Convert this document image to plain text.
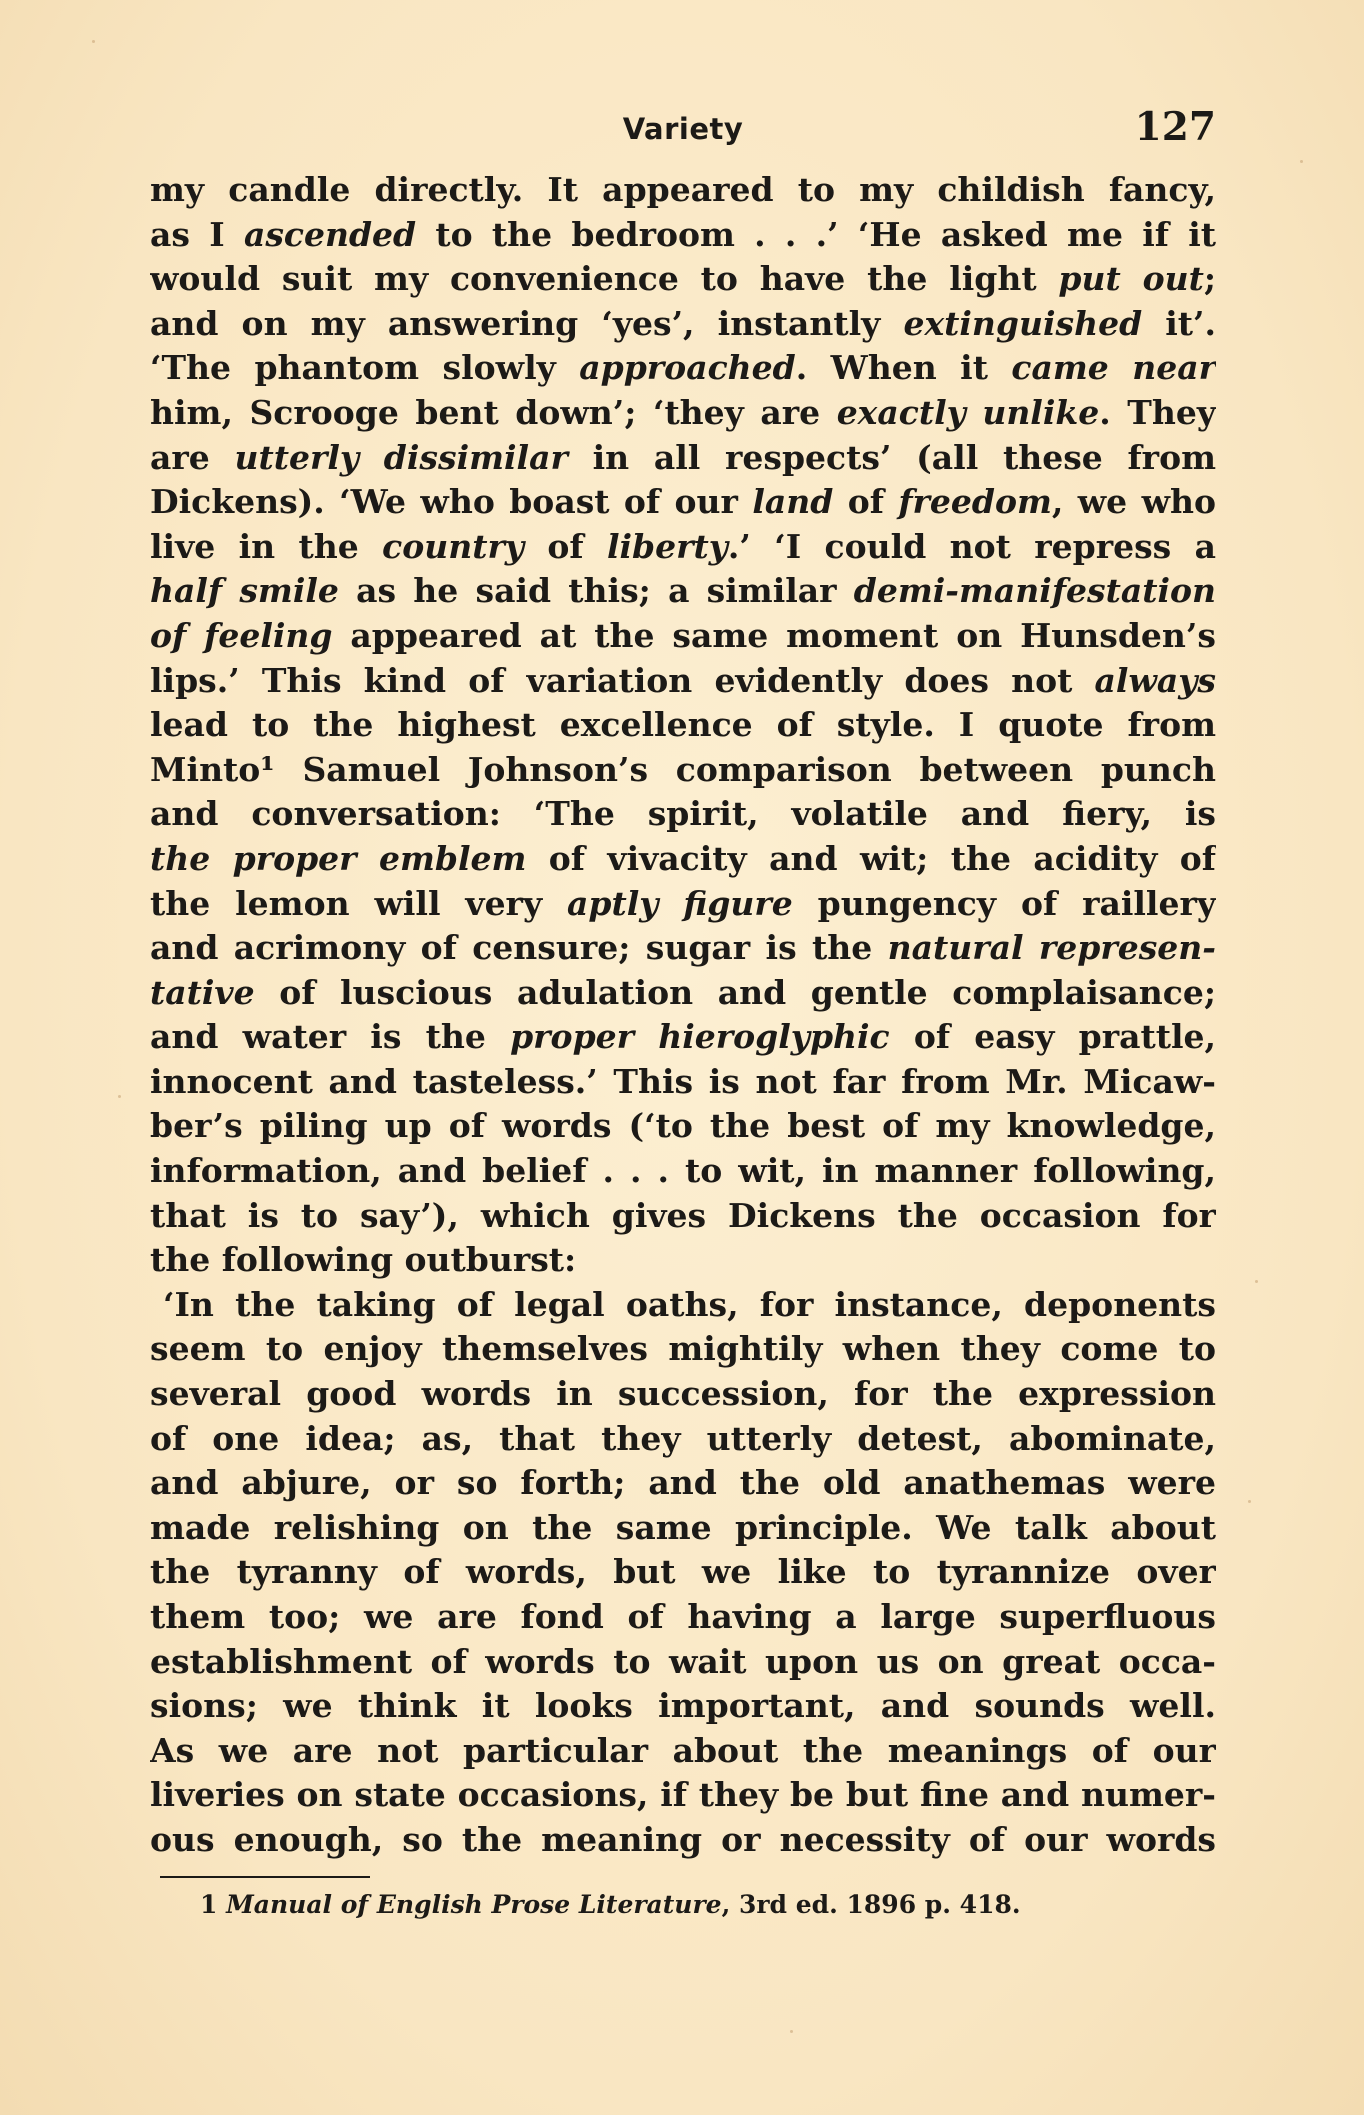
Variety	127
my candle directly. It appeared to my childish fancy,
as I ascended to the bedroom . . .’ ‘He asked me if it
would suit my convenience to have the light put out;
and on my answering ‘yes’, instantly extinguished it’.
‘The phantom slowly approached. When it came near
him, Scrooge bent down’; ‘they are exactly unlike. They
are utterly dissimilar in all respects’ (all these from
Dickens). ‘We who boast of our land of freedom, we who
live in the country of liberty.’ ‘I could not repress a
half smile as he said this; a similar demi-manifestation
of feeling appeared at the same moment on Hunsden’s
lips.’ This kind of variation evidently does not always
lead to the highest excellence of style. I quote from
Minto¹ Samuel Johnson’s comparison between punch
and conversation: ‘The spirit, volatile and fiery, is
the proper emblem of vivacity and wit; the acidity of
the lemon will very aptly figure pungency of raillery
and acrimony of censure; sugar is the natural represen-
tative of luscious adulation and gentle complaisance;
and water is the proper hieroglyphic of easy prattle,
innocent and tasteless.’ This is not far from Mr. Micaw-
ber’s piling up of words (‘to the best of my knowledge,
information, and belief . . . to wit, in manner following,
that is to say’), which gives Dickens the occasion for
the following outburst:
‘In the taking of legal oaths, for instance, deponents
seem to enjoy themselves mightily when they come to
several good words in succession, for the expression
of one idea; as, that they utterly detest, abominate,
and abjure, or so forth; and the old anathemas were
made relishing on the same principle. We talk about
the tyranny of words, but we like to tyrannize over
them too; we are fond of having a large superfluous
establishment of words to wait upon us on great occa-
sions; we think it looks important, and sounds well.
As we are not particular about the meanings of our
liveries on state occasions, if they be but fine and numer-
ous enough, so the meaning or necessity of our words
1 Manual of English Prose Literature, 3rd ed. 1896 p. 418.
